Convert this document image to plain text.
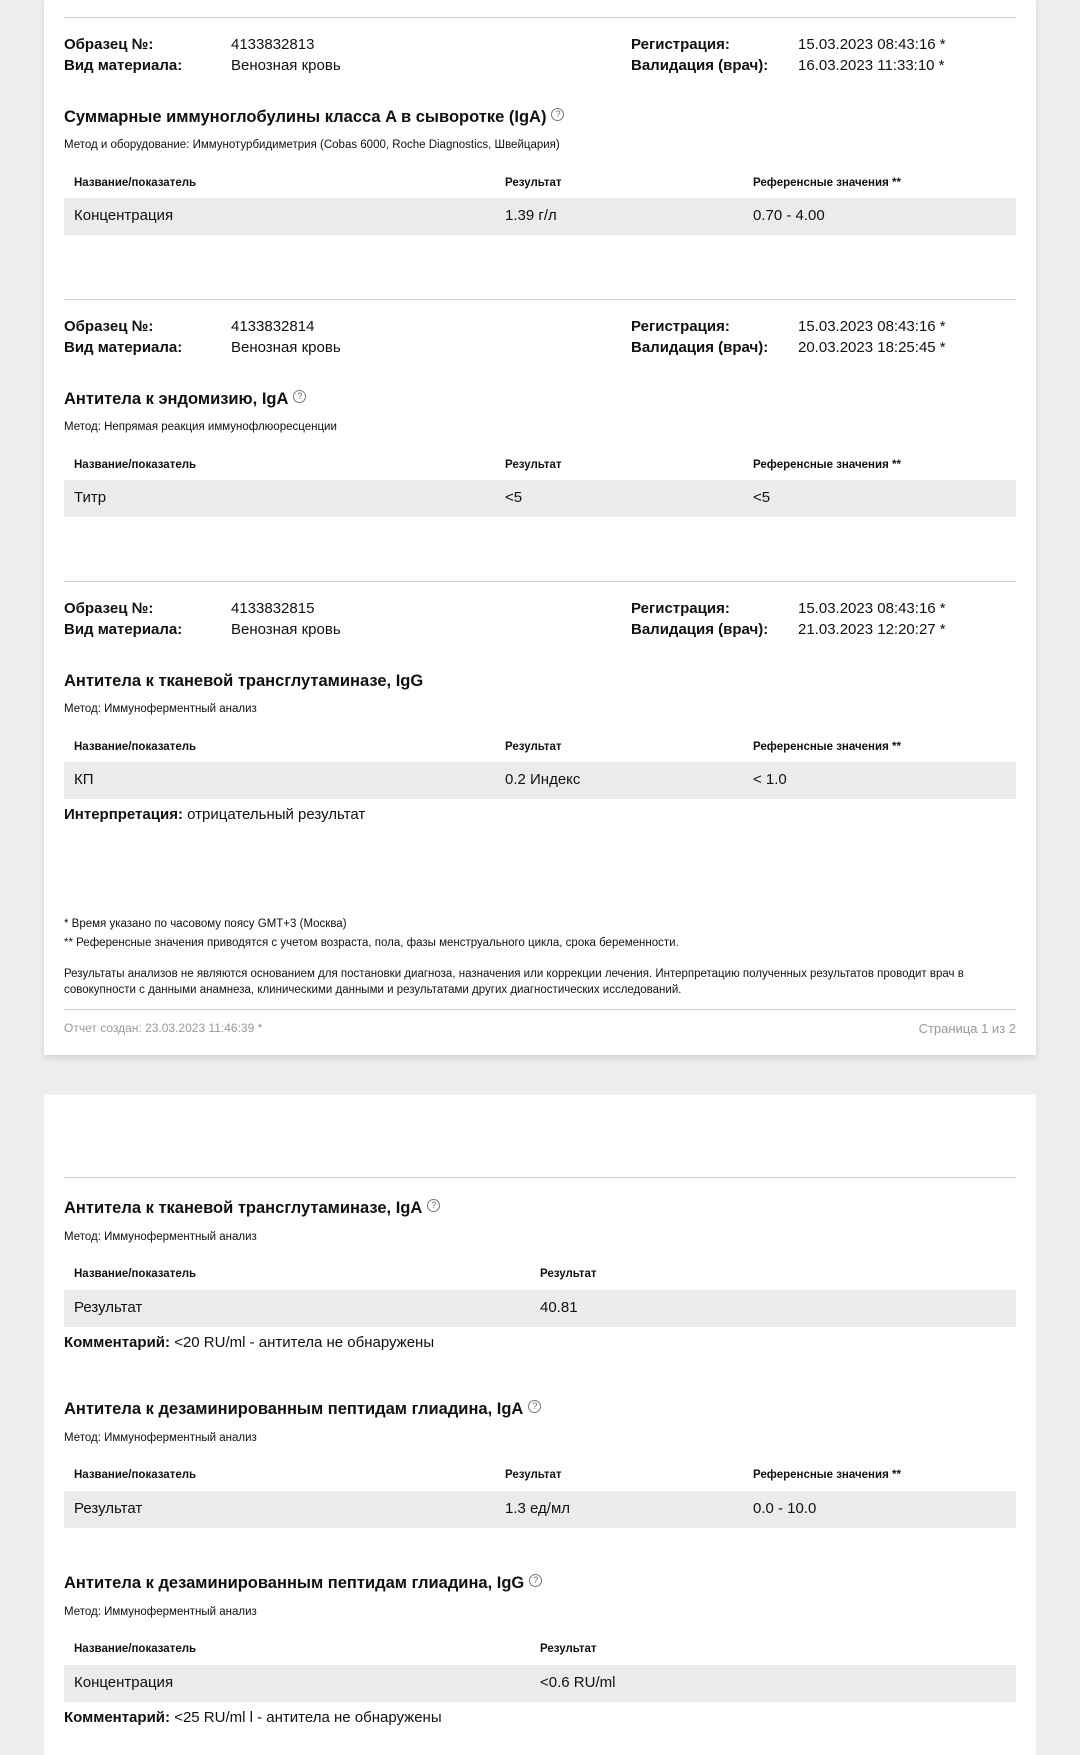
Образец №:	4133832813
Вид материала:	Венозная кровь
Регистрация:	15.03.2023 08:43:16 *
Валидация (врач): 16.03.2023 11:33:10 *
Суммарные иммуноглобулины класса A в сыворотке (IgA) ?
Метод и оборудование: Иммунотурбидиметрия (Cobas 6000, Roche Diagnostics, Швейцария)
Название/показатель	Результат	Референсные значения **
Концентрация	1.39 г/л	0.70 - 4.00
Образец №:	4133832814
Вид материала:	Венозная кровь
Регистрация:	15.03.2023 08:43:16 *
Валидация (врач): 20.03.2023 18:25:45 *
Антитела к эндомизию, IgA ?
Метод: Непрямая реакция иммунофлюоресценции
Название/показатель	Результат	Референсные значения **
Титр	<5	<5
Образец №:	4133832815
Вид материала:	Венозная кровь
Регистрация:	15.03.2023 08:43:16 *
Валидация (врач): 21.03.2023 12:20:27 *
Антитела к тканевой трансглутаминазе, IgG
Метод: Иммуноферментный анализ
Название/показатель	Результат	Референсные значения **
КП	0.2 Индекс	< 1.0
Интерпретация: отрицательный результат
* Время указано по часовому поясу GMT+3 (Москва)
** Референсные значения приводятся с учетом возраста, пола, фазы менструального цикла, срока беременности.
Результаты анализов не являются основанием для постановки диагноза, назначения или коррекции лечения. Интерпретацию полученных результатов проводит врач в совокупности с данными анамнеза, клиническими данными и результатами других диагностических исследований.
Отчет создан: 23.03.2023 11:46:39 *	Страница 1 из 2
Антитела к тканевой трансглутаминазе, IgA ?
Метод: Иммуноферментный анализ
Название/показатель	Результат
Результат	40.81
Комментарий: <20 RU/ml - антитела не обнаружены
Антитела к дезаминированным пептидам глиадина, IgA ?
Метод: Иммуноферментный анализ
Название/показатель	Результат	Референсные значения **
Результат	1.3 ед/мл	0.0 - 10.0
Антитела к дезаминированным пептидам глиадина, IgG ?
Метод: Иммуноферментный анализ
Название/показатель	Результат
Концентрация	<0.6 RU/ml
Комментарий: <25 RU/ml l - антитела не обнаружены
